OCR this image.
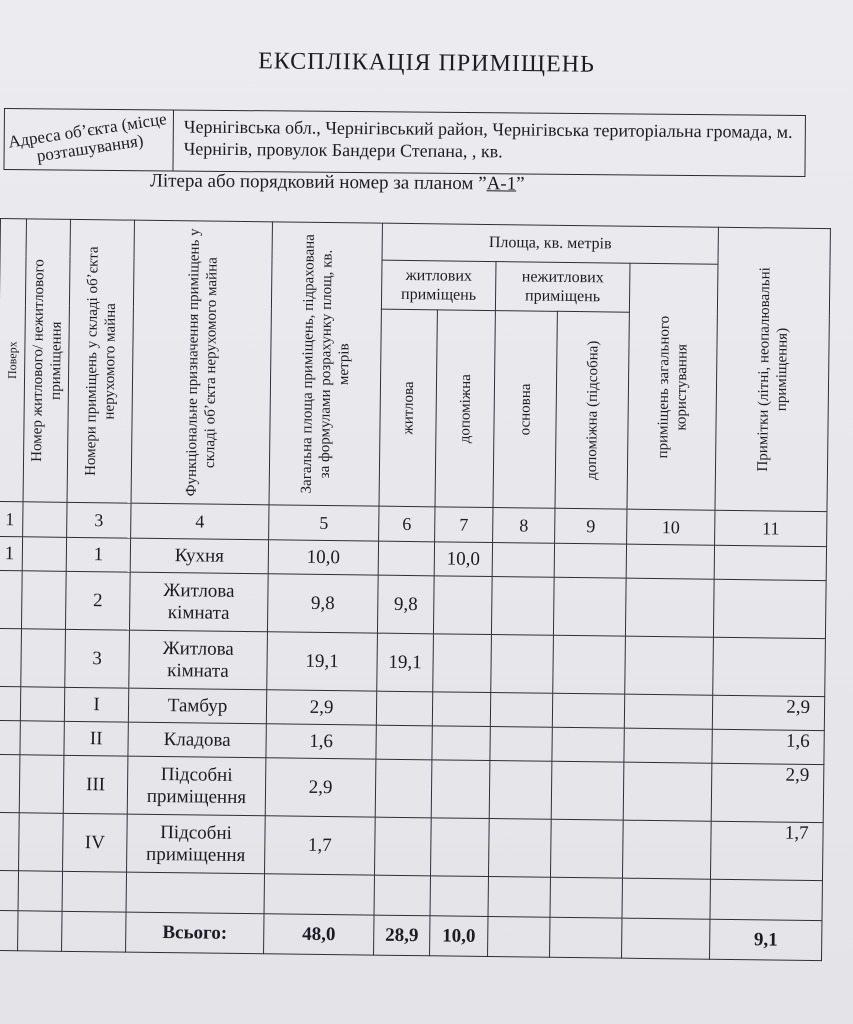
ЕКСПЛІКАЦІЯ ПРИМІЩЕНЬ
Адреса об’єкта (місце розташування)
Чернігівська обл., Чернігівський район, Чернігівська територіальна громада, м. Чернігів, провулок Бандери Степана, , кв.
Літера або порядковий номер за планом ”А-1”
Поверх	Номер житлового/ нежитлового приміщення	Номери приміщень у складі об’єкта нерухомого майна	Функціональне призначення приміщень у складі об’єкта нерухомого майна	Загальна площа приміщень, підрахована за формулами розрахунку площ, кв. метрів	Площа, кв. метрів					Примітки (літні, неопалювальні приміщення)

					житлових приміщень		нежитлових приміщень		приміщень загального користування	

					житлова	допоміжна	основна	допоміжна (підсобна)		

1		3	4	5	6	7	8	9	10	11
1		1	Кухня	10,0		10,0				
		2	Житлова кімната	9,8	9,8					
		3	Житлова кімната	19,1	19,1					
		I	Тамбур	2,9						2,9
		II	Кладова	1,6						1,6
		III	Підсобні приміщення	2,9						2,9
		IV	Підсобні приміщення	1,7						1,7

			Всього:	48,0	28,9	10,0				9,1
